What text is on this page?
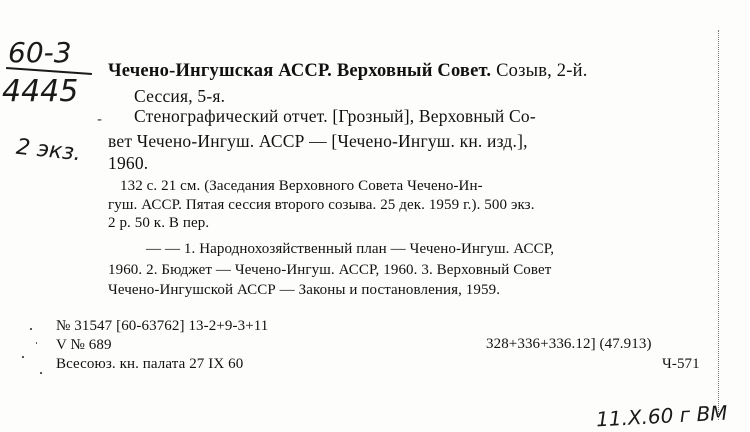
60-3
4445
2 экз.
Чечено-Ингушская АССР. Верховный Совет. Созыв, 2-й.
Сессия, 5-я.
- Стенографический отчет. [Грозный], Верховный Со-
вет Чечено-Ингуш. АССР — [Чечено-Ингуш. кн. изд.],
1960.
132 с. 21 см. (Заседания Верховного Совета Чечено-Ин-
гуш. АССР. Пятая сессия второго созыва. 25 дек. 1959 г.). 500 экз.
2 р. 50 к. В пер.
— — 1. Народнохозяйственный план — Чечено-Ингуш. АССР,
1960. 2. Бюджет — Чечено-Ингуш. АССР, 1960. 3. Верховный Совет
Чечено-Ингушской АССР — Законы и постановления, 1959.
№ 31547 [60-63762] 13-2+9-3+11
V № 689
Всесоюз. кн. палата 27 IX 60
328+336+336.12] (47.913)
Ч-571
11.X.60 г ВМ
